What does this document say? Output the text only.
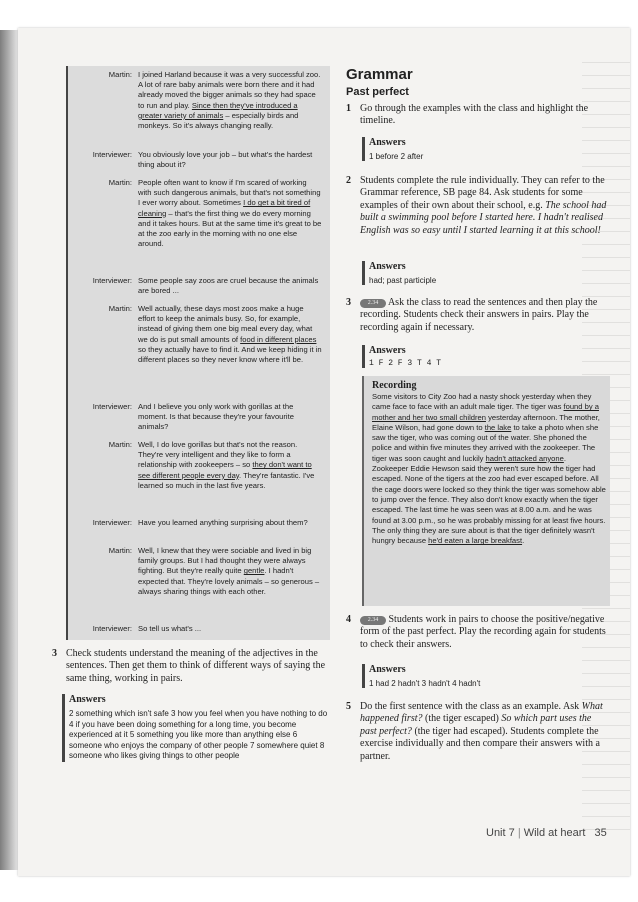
Martin: I joined Harland because it was a very successful zoo. A lot of rare baby animals were born there and it had already moved the bigger animals so they had space to run and play. Since then they've introduced a greater variety of animals – especially birds and monkeys. So it's always changing really.
Interviewer: You obviously love your job – but what's the hardest thing about it?
Martin: People often want to know if I'm scared of working with such dangerous animals, but that's not something I ever worry about. Sometimes I do get a bit tired of cleaning – that's the first thing we do every morning and it takes hours. But at the same time it's great to be at the zoo early in the morning with no one else around.
Interviewer: Some people say zoos are cruel because the animals are bored ...
Martin: Well actually, these days most zoos make a huge effort to keep the animals busy. So, for example, instead of giving them one big meal every day, what we do is put small amounts of food in different places so they actually have to find it. And we keep hiding it in different places so they never know where it'll be.
Interviewer: And I believe you only work with gorillas at the moment. Is that because they're your favourite animals?
Martin: Well, I do love gorillas but that's not the reason. They're very intelligent and they like to form a relationship with zookeepers – so they don't want to see different people every day. They're fantastic. I've learned so much in the last five years.
Interviewer: Have you learned anything surprising about them?
Martin: Well, I knew that they were sociable and lived in big family groups. But I had thought they were always fighting. But they're really quite gentle. I hadn't expected that. They're lovely animals – so generous – always sharing things with each other.
Interviewer: So tell us what's ...
3 Check students understand the meaning of the adjectives in the sentences. Then get them to think of different ways of saying the same thing, working in pairs.
Answers
2 something which isn't safe 3 how you feel when you have nothing to do 4 if you have been doing something for a long time, you become experienced at it 5 something you like more than anything else 6 someone who enjoys the company of other people 7 somewhere quiet 8 someone who likes giving things to other people
Grammar
Past perfect
1 Go through the examples with the class and highlight the timeline.
Answers
1 before 2 after
2 Students complete the rule individually. They can refer to the Grammar reference, SB page 84. Ask students for some examples of their own about their school, e.g. The school had built a swimming pool before I started here. I hadn't realised English was so easy until I started learning it at this school!
Answers
had; past participle
3	2.34 Ask the class to read the sentences and then play the recording. Students check their answers in pairs. Play the recording again if necessary.
Answers
1 F 2 F 3 T 4 T
Recording
Some visitors to City Zoo had a nasty shock yesterday when they came face to face with an adult male tiger. The tiger was found by a mother and her two small children yesterday afternoon. The mother, Elaine Wilson, had gone down to the lake to take a photo when she saw the tiger, who was coming out of the water. She phoned the police and within five minutes they arrived with the zookeeper. The tiger was soon caught and luckily hadn't attacked anyone.
Zookeeper Eddie Hewson said they weren't sure how the tiger had escaped. None of the tigers at the zoo had ever escaped before. All the cage doors were locked so they think the tiger was somehow able to jump over the fence. They also don't know exactly when the tiger escaped. The last time he was seen was at 8.00 a.m. and he was found at 3.00 p.m., so he was probably missing for at least five hours. The only thing they are sure about is that the tiger definitely wasn't hungry because he'd eaten a large breakfast.
4	2.34 Students work in pairs to choose the positive/negative form of the past perfect. Play the recording again for students to check their answers.
Answers
1 had 2 hadn't 3 hadn't 4 hadn't
5 Do the first sentence with the class as an example. Ask What happened first? (the tiger escaped) So which part uses the past perfect? (the tiger had escaped). Students complete the exercise individually and then compare their answers with a partner.
Unit 7 | Wild at heart 35
